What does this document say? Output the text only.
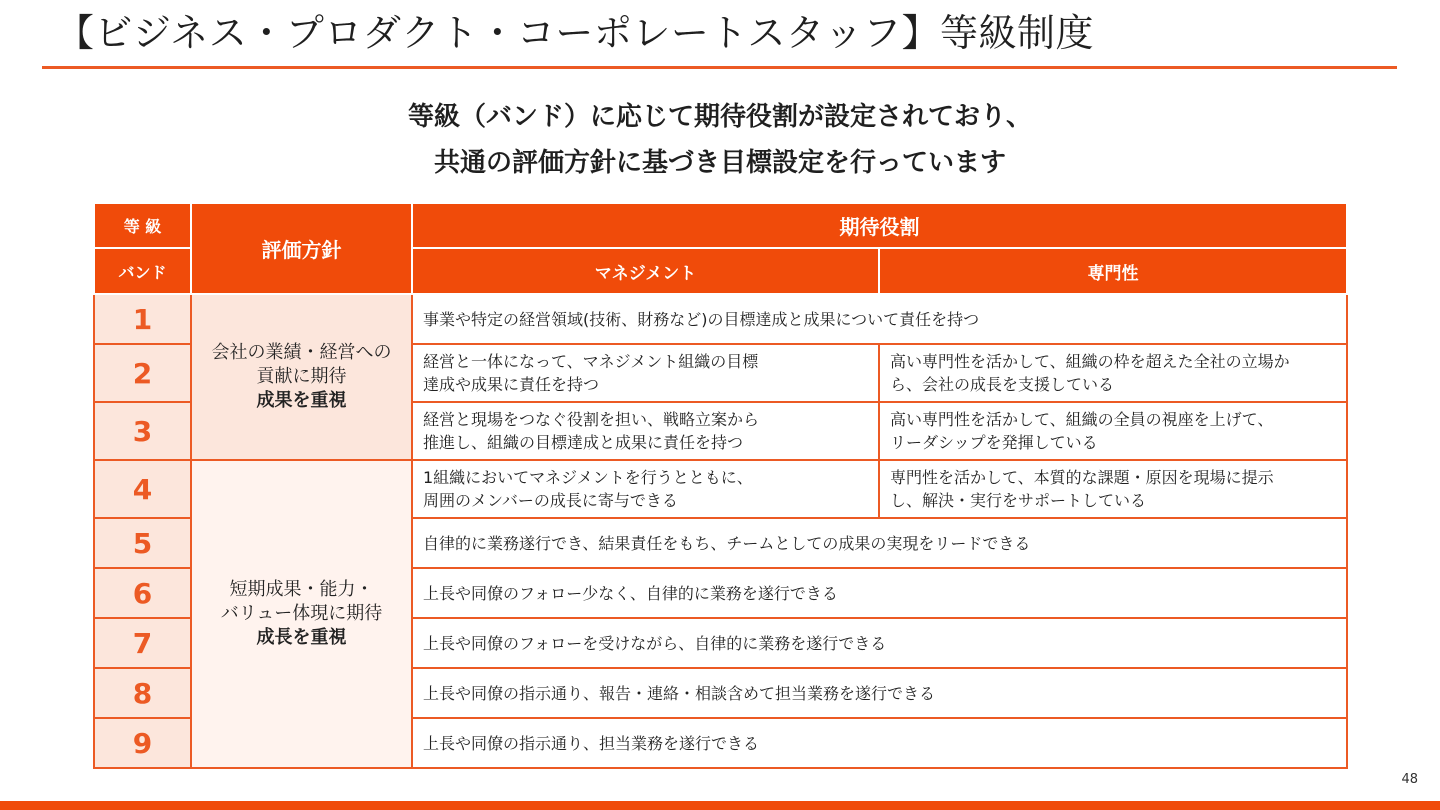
【ビジネス・プロダクト・コーポレートスタッフ】等級制度

等級（バンド）に応じて期待役割が設定されており、

共通の評価方針に基づき目標設定を行っています

等 級	評価方針	期待役割	
バンド		マネジメント	専門性
1	会社の業績・経営への
貢献に期待
成果を重視	事業や特定の経営領域(技術、財務など)の目標達成と成果について責任を持つ	
2		経営と一体になって、マネジメント組織の目標
達成や成果に責任を持つ	高い専門性を活かして、組織の枠を超えた全社の立場か
ら、会社の成長を支援している
3		経営と現場をつなぐ役割を担い、戦略立案から
推進し、組織の目標達成と成果に責任を持つ	高い専門性を活かして、組織の全員の視座を上げて、
リーダシップを発揮している
4	短期成果・能力・
バリュー体現に期待
成長を重視	1組織においてマネジメントを行うとともに、
周囲のメンバーの成長に寄与できる	専門性を活かして、本質的な課題・原因を現場に提示
し、解決・実行をサポートしている
5		自律的に業務遂行でき、結果責任をもち、チームとしての成果の実現をリードできる	
6		上長や同僚のフォロー少なく、自律的に業務を遂行できる	
7		上長や同僚のフォローを受けながら、自律的に業務を遂行できる	
8		上長や同僚の指示通り、報告・連絡・相談含めて担当業務を遂行できる	
9		上長や同僚の指示通り、担当業務を遂行できる	
48
